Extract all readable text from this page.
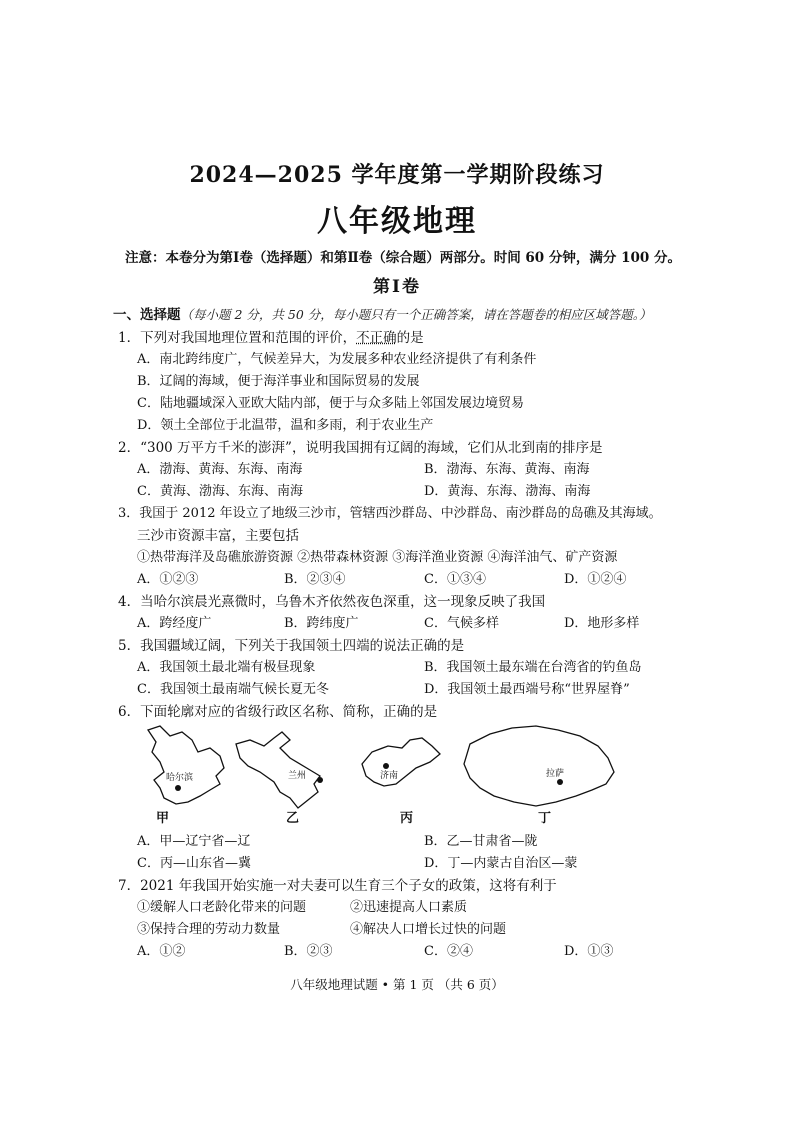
2024—2025 学年度第一学期阶段练习
八年级地理
注意：本卷分为第Ⅰ卷（选择题）和第Ⅱ卷（综合题）两部分。时间 60 分钟，满分 100 分。
第Ⅰ卷
一、选择题（每小题 2 分，共 50 分，每小题只有一个正确答案，请在答题卷的相应区域答题。）
1．下列对我国地理位置和范围的评价，不正确的是
A．南北跨纬度广，气候差异大，为发展多种农业经济提供了有利条件
B．辽阔的海域，便于海洋事业和国际贸易的发展
C．陆地疆域深入亚欧大陆内部，便于与众多陆上邻国发展边境贸易
D．领土全部位于北温带，温和多雨，利于农业生产
2．“300 万平方千米的澎湃”，说明我国拥有辽阔的海域，它们从北到南的排序是
A．渤海、黄海、东海、南海	B．渤海、东海、黄海、南海
C．黄海、渤海、东海、南海	D．黄海、东海、渤海、南海
3．我国于 2012 年设立了地级三沙市，管辖西沙群岛、中沙群岛、南沙群岛的岛礁及其海域。
三沙市资源丰富，主要包括
①热带海洋及岛礁旅游资源 ②热带森林资源 ③海洋渔业资源 ④海洋油气、矿产资源
A．①②③	B．②③④	C．①③④	D．①②④
4．当哈尔滨晨光熹微时，乌鲁木齐依然夜色深重，这一现象反映了我国
A．跨经度广	B．跨纬度广	C．气候多样	D．地形多样
5．我国疆域辽阔，下列关于我国领土四端的说法正确的是
A．我国领土最北端有极昼现象	B．我国领土最东端在台湾省的钓鱼岛
C．我国领土最南端气候长夏无冬	D．我国领土最西端号称“世界屋脊”
6．下面轮廓对应的省级行政区名称、简称，正确的是
哈尔滨	兰州	济南	拉萨
甲	乙	丙	丁
A．甲—辽宁省—辽	B．乙—甘肃省—陇
C．丙—山东省—冀	D．丁—内蒙古自治区—蒙
7．2021 年我国开始实施一对夫妻可以生育三个子女的政策，这将有利于
①缓解人口老龄化带来的问题	②迅速提高人口素质
③保持合理的劳动力数量	④解决人口增长过快的问题
A．①②	B．②③	C．②④	D．①③
八年级地理试题 • 第 1 页 （共 6 页）
